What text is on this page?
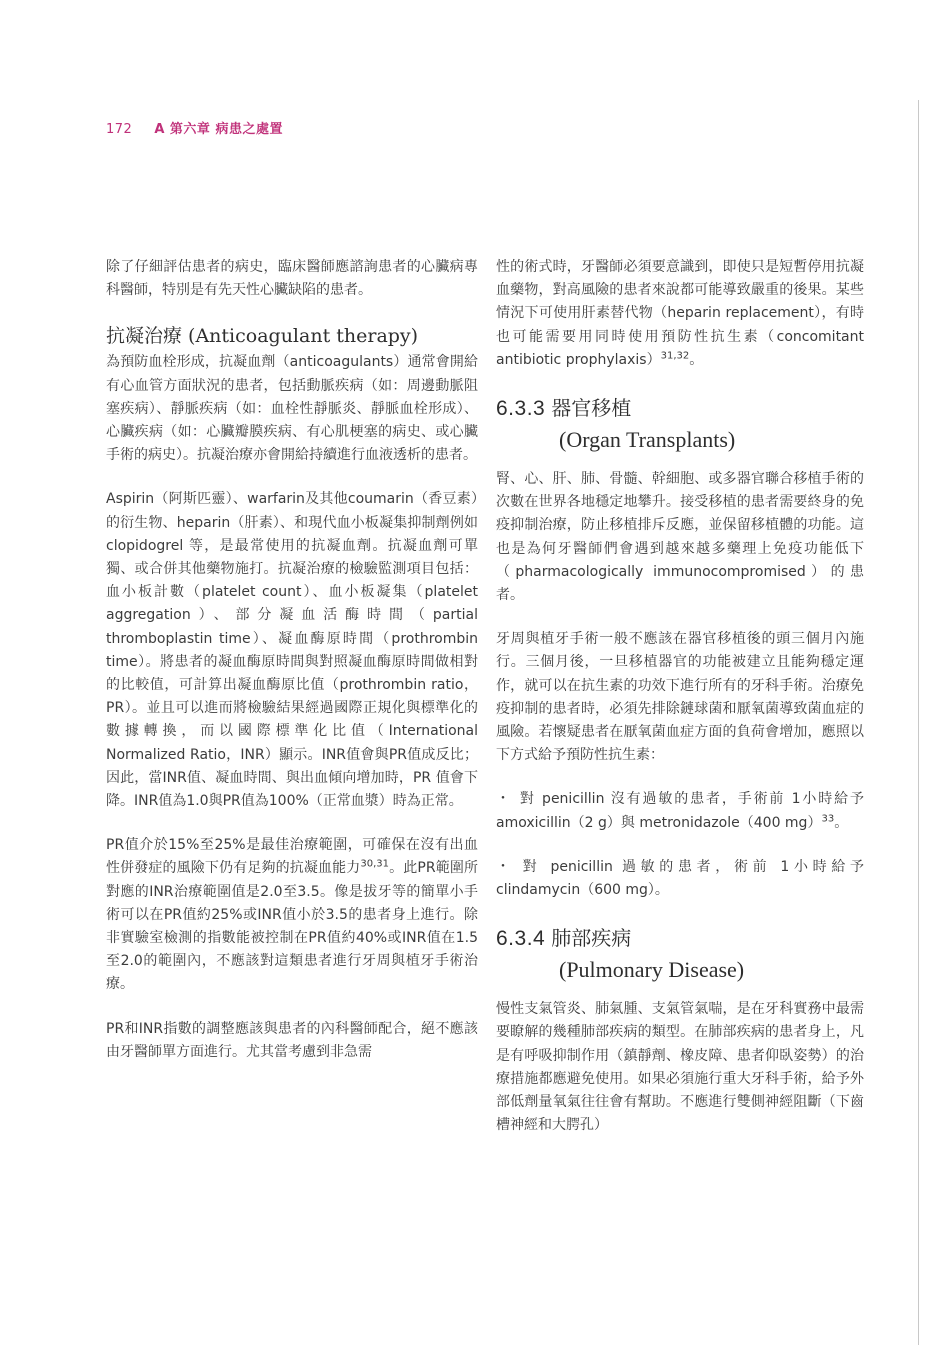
172 A 第六章 病患之處置

除了仔細評估患者的病史，臨床醫師應諮詢患者的心臟病專科醫師，特別是有先天性心臟缺陷的患者。

抗凝治療 (Anticoagulant therapy)

為預防血栓形成，抗凝血劑（anticoagulants）通常會開給有心血管方面狀況的患者，包括動脈疾病（如：周邊動脈阻塞疾病）、靜脈疾病（如：血栓性靜脈炎、靜脈血栓形成）、心臟疾病（如：心臟瓣膜疾病、有心肌梗塞的病史、或心臟手術的病史）。抗凝治療亦會開給持續進行血液透析的患者。

Aspirin（阿斯匹靈）、warfarin及其他coumarin（香豆素）的衍生物、heparin（肝素）、和現代血小板凝集抑制劑例如 clopidogrel 等，是最常使用的抗凝血劑。抗凝血劑可單獨、或合併其他藥物施打。抗凝治療的檢驗監測項目包括：血小板計數（platelet count）、血小板凝集（platelet aggregation）、部分凝血活酶時間（partial thromboplastin time）、凝血酶原時間（prothrombin time）。將患者的凝血酶原時間與對照凝血酶原時間做相對的比較值，可計算出凝血酶原比值（prothrombin ratio，PR）。並且可以進而將檢驗結果經過國際正規化與標準化的數據轉換，而以國際標準化比值（International Normalized Ratio，INR）顯示。INR值會與PR值成反比；因此，當INR值、凝血時間、與出血傾向增加時，PR 值會下降。INR值為1.0與PR值為100%（正常血漿）時為正常。

PR值介於15%至25%是最佳治療範圍，可確保在沒有出血性併發症的風險下仍有足夠的抗凝血能力$^{30,31}$。此PR範圍所對應的INR治療範圍值是2.0至3.5。像是拔牙等的簡單小手術可以在PR值約25%或INR值小於3.5的患者身上進行。除非實驗室檢測的指數能被控制在PR值約40%或INR值在1.5至2.0的範圍內，不應該對這類患者進行牙周與植牙手術治療。

PR和INR指數的調整應該與患者的內科醫師配合，絕不應該由牙醫師單方面進行。尤其當考慮到非急需

性的術式時，牙醫師必須要意識到，即使只是短暫停用抗凝血藥物，對高風險的患者來說都可能導致嚴重的後果。某些情況下可使用肝素替代物（heparin replacement），有時也可能需要用同時使用預防性抗生素（concomitant antibiotic prophylaxis）$^{31,32}$。

6.3.3 器官移植
(Organ Transplants)

腎、心、肝、肺、骨髓、幹細胞、或多器官聯合移植手術的次數在世界各地穩定地攀升。接受移植的患者需要終身的免疫抑制治療，防止移植排斥反應，並保留移植體的功能。這也是為何牙醫師們會遇到越來越多藥理上免疫功能低下（pharmacologically immunocompromised）的患者。

牙周與植牙手術一般不應該在器官移植後的頭三個月內施行。三個月後，一旦移植器官的功能被建立且能夠穩定運作，就可以在抗生素的功效下進行所有的牙科手術。治療免疫抑制的患者時，必須先排除鏈球菌和厭氧菌導致菌血症的風險。若懷疑患者在厭氧菌血症方面的負荷會增加，應照以下方式給予預防性抗生素：

・ 對 penicillin 沒有過敏的患者，手術前 1小時給予 amoxicillin（2 g）與 metronidazole（400 mg）$^{33}$。

・ 對 penicillin 過敏的患者，術前 1小時給予 clindamycin（600 mg）。

6.3.4 肺部疾病
(Pulmonary Disease)

慢性支氣管炎、肺氣腫、支氣管氣喘，是在牙科實務中最需要瞭解的幾種肺部疾病的類型。在肺部疾病的患者身上，凡是有呼吸抑制作用（鎮靜劑、橡皮障、患者仰臥姿勢）的治療措施都應避免使用。如果必須施行重大牙科手術，給予外部低劑量氧氣往往會有幫助。不應進行雙側神經阻斷（下齒槽神經和大腭孔）
